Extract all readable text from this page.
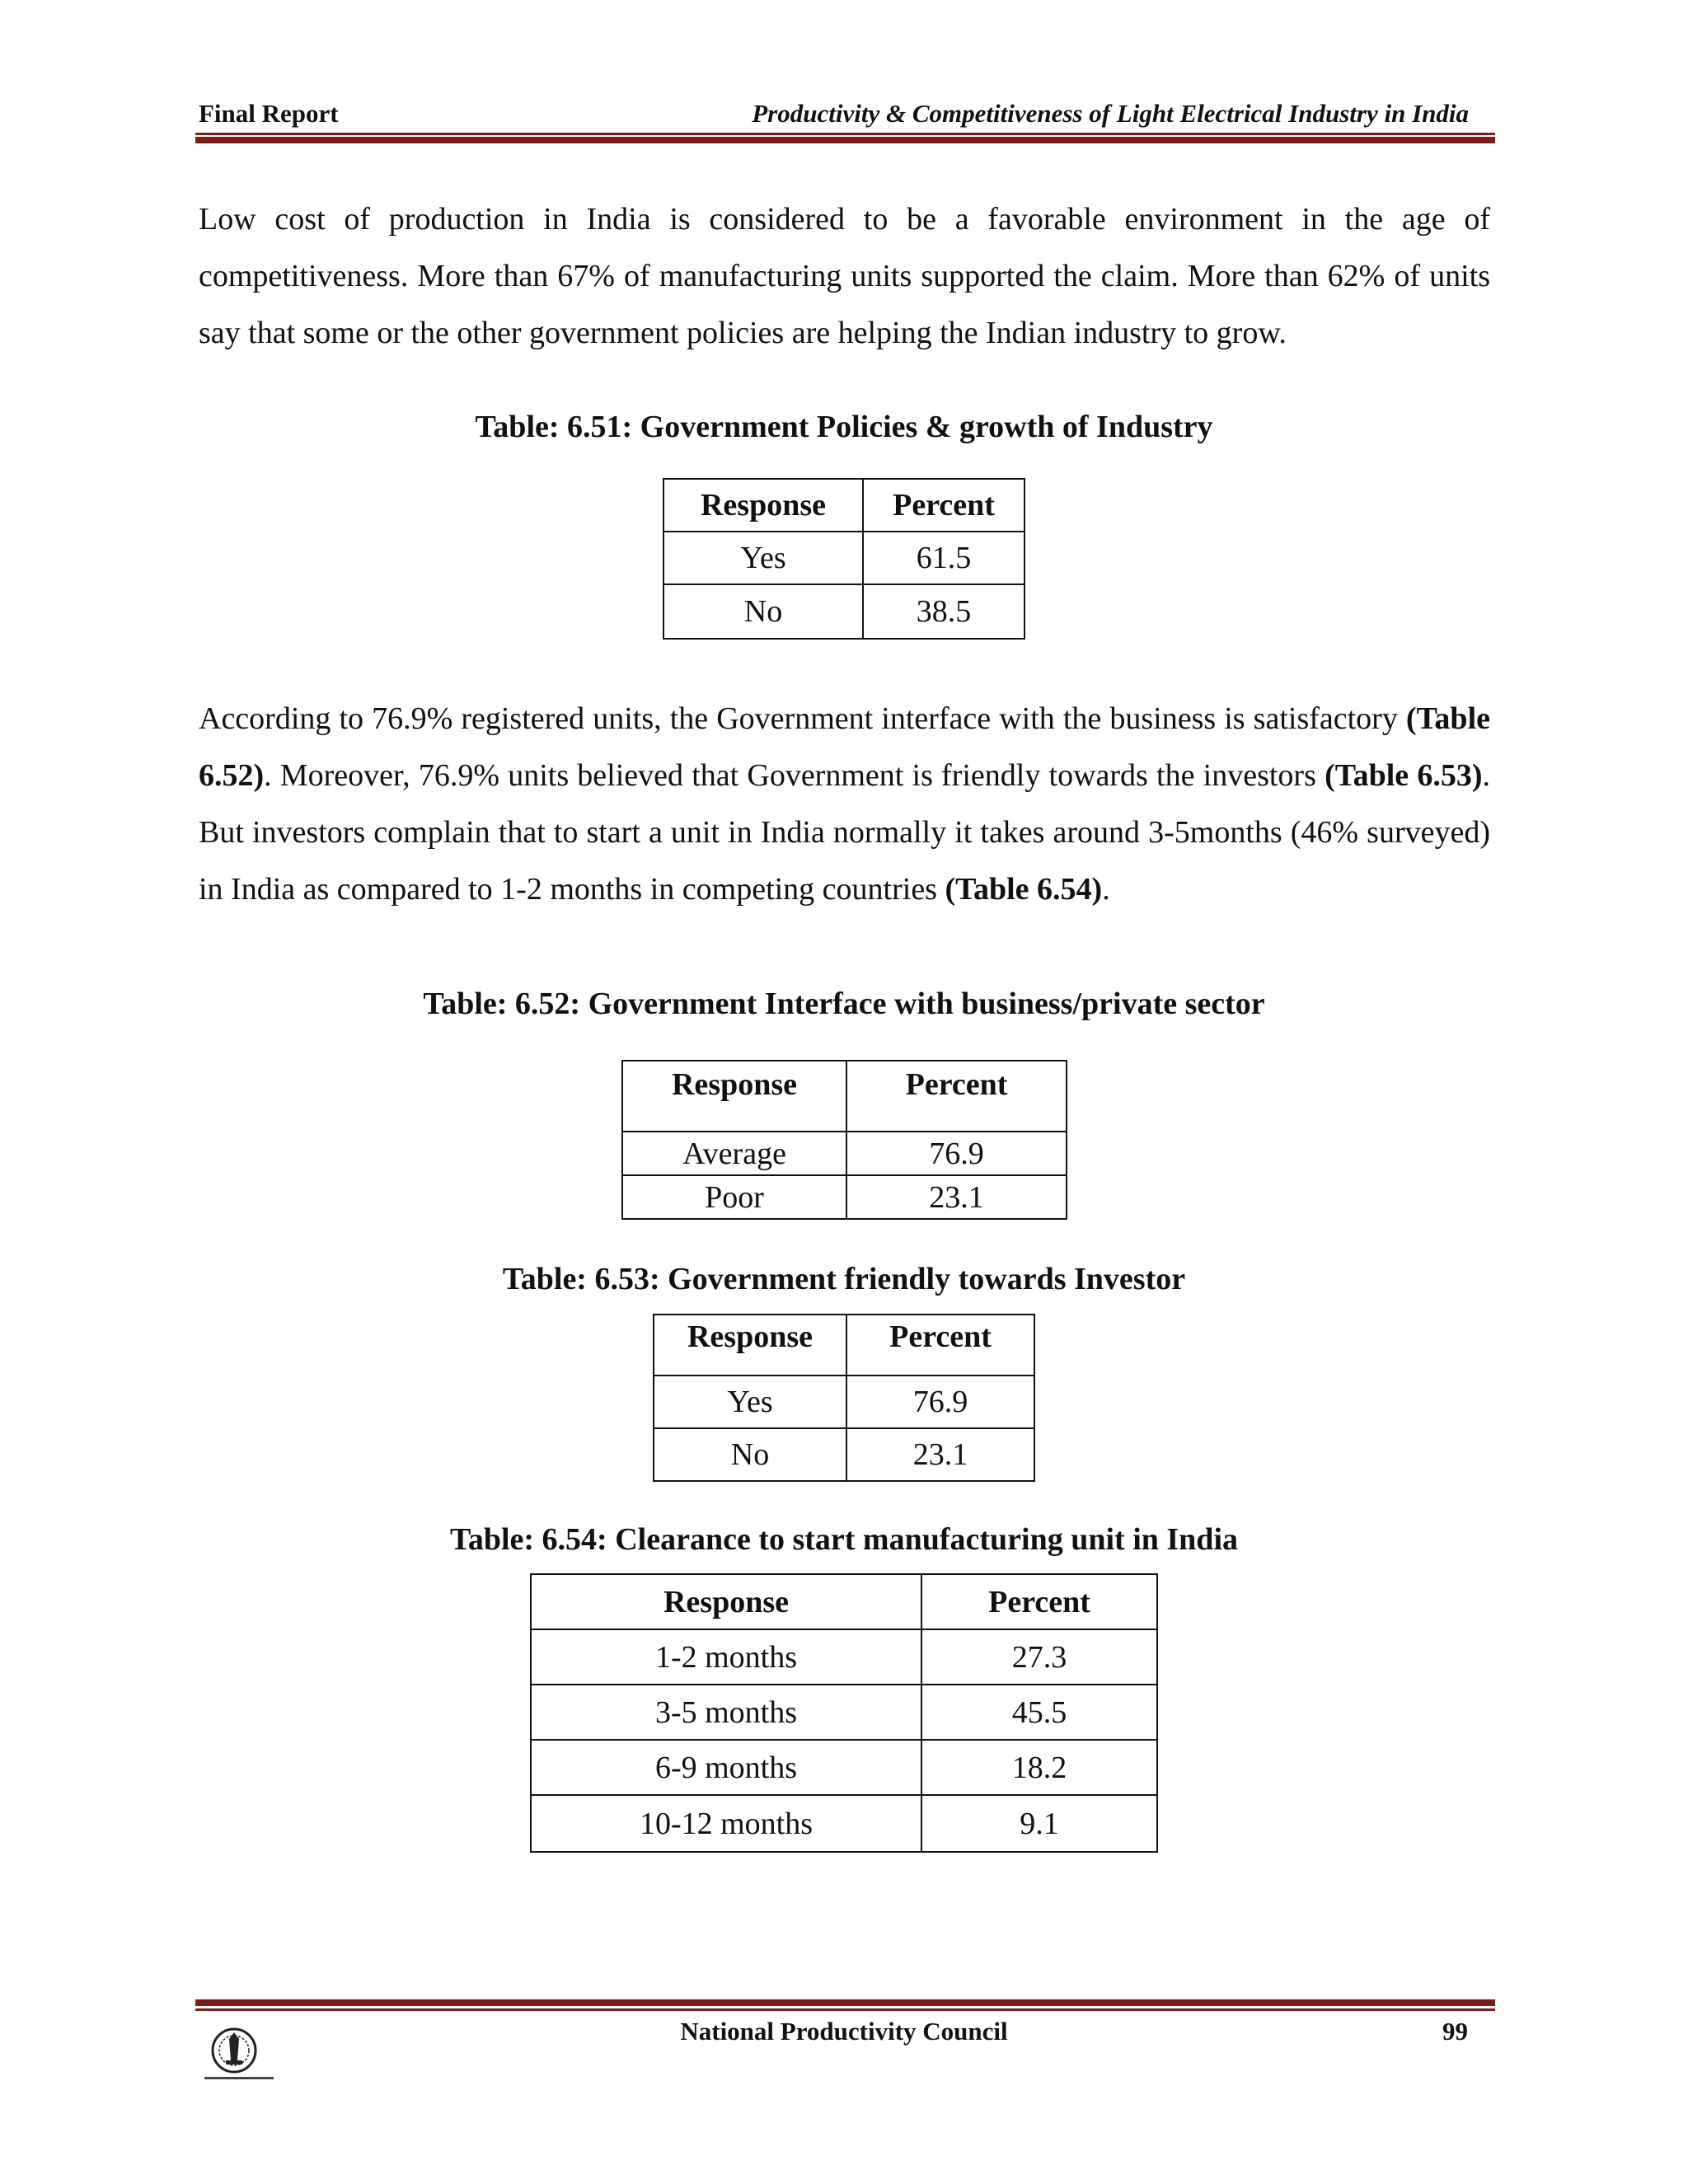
Final Report	Productivity & Competitiveness of Light Electrical Industry in India
Low cost of production in India is considered to be a favorable environment in the age of competitiveness. More than 67% of manufacturing units supported the claim. More than 62% of units say that some or the other government policies are helping the Indian industry to grow.
Table: 6.51: Government Policies & growth of Industry
Response	Percent
Yes	61.5
No	38.5
According to 76.9% registered units, the Government interface with the business is satisfactory (Table 6.52). Moreover, 76.9% units believed that Government is friendly towards the investors (Table 6.53). But investors complain that to start a unit in India normally it takes around 3-5months (46% surveyed) in India as compared to 1-2 months in competing countries (Table 6.54).
Table: 6.52: Government Interface with business/private sector
Response	Percent
Average	76.9
Poor	23.1
Table: 6.53: Government friendly towards Investor
Response	Percent
Yes	76.9
No	23.1
Table: 6.54: Clearance to start manufacturing unit in India
Response	Percent
1-2 months	27.3
3-5 months	45.5
6-9 months	18.2
10-12 months	9.1
National Productivity Council	99
